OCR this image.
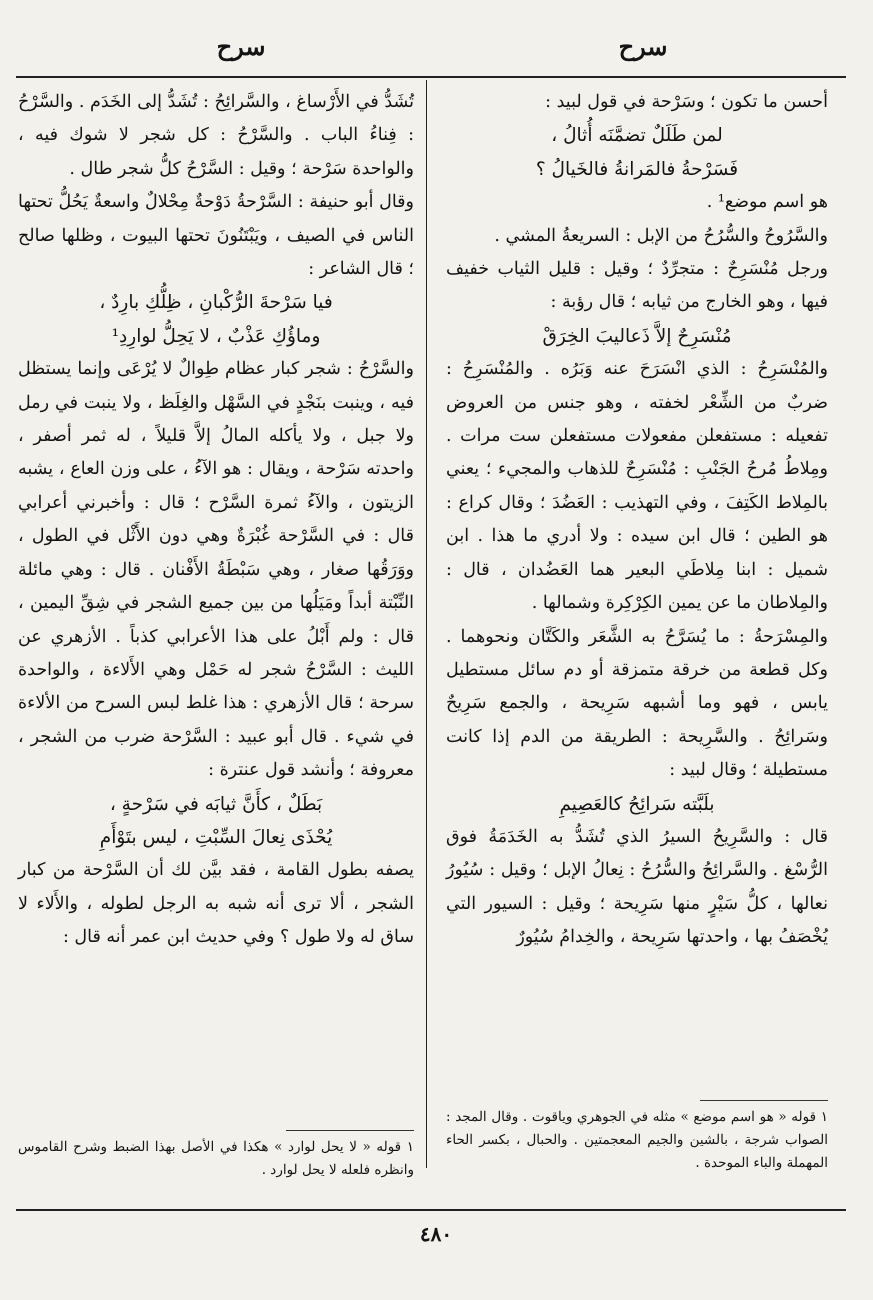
سرح
سرح

أحسن ما تكون ؛ وسَرْحة في قول لبيد :

لمن طَلَلٌ تضمَّنَه أُثالُ ،

فَسَرْحةُ فالمَرانةُ فالخَيالُ ؟

هو اسم موضع¹ .

والسَّرُوحُ والسُّرُحُ من الإبل : السريعةُ المشي .

ورجل مُنْسَرِحٌ : متجرِّدٌ ؛ وقيل : قليل الثياب خفيف فيها ، وهو الخارج من ثيابه ؛ قال رؤبة :

مُنْسَرِحٌ إلاَّ ذَعاليبَ الخِرَقْ

والمُنْسَرِحُ : الذي انْسَرَحَ عنه وَبَرُه . والمُنْسَرِحُ : ضربٌ من الشِّعْر لخفته ، وهو جنس من العروض تفعيله : مستفعلن مفعولات مستفعلن ست مرات . ومِلاطُ مُرحُ الجَنْبِ : مُنْسَرِحٌ للذهاب والمجيء ؛ يعني بالمِلاط الكَتِفَ ، وفي التهذيب : العَضُدَ ؛ وقال كراع : هو الطين ؛ قال ابن سيده : ولا أدري ما هذا . ابن شميل : ابنا مِلاطَي البعير هما العَضُدان ، قال : والمِلاطان ما عن يمين الكِرْكِرة وشمالها .

والمِسْرَحةُ : ما يُسَرَّحُ به الشَّعَر والكَتَّان ونحوهما . وكل قطعة من خرقة متمزقة أو دم سائل مستطيل يابس ، فهو وما أشبهه سَرِيحة ، والجمع سَرِيحٌ وسَرائِحُ . والسَّرِيحة : الطريقة من الدم إذا كانت مستطيلة ؛ وقال لبيد :

بلَبَّته سَرائِحُ كالعَصِيمِ

قال : والسَّرِيحُ السيرُ الذي تُشَدُّ به الخَدَمَةُ فوق الرُّسْغ . والسَّرائِحُ والسُّرُحُ : نِعالُ الإبل ؛ وقيل : سُيُورُ نعالها ، كلُّ سَيْرٍ منها سَرِيحة ؛ وقيل : السيور التي يُخْصَفُ بها ، واحدتها سَرِيحة ، والخِدامُ سُيُورٌ

تُشَدُّ في الأَرْساغ ، والسَّرائِحُ : تُشَدُّ إلى الخَدَم . والسَّرْحُ : فِناءُ الباب . والسَّرْحُ : كل شجر لا شوك فيه ، والواحدة سَرْحة ؛ وقيل : السَّرْحُ كلُّ شجر طال .

وقال أبو حنيفة : السَّرْحةُ دَوْحةٌ مِحْلالٌ واسعةٌ يَحُلُّ تحتها الناس في الصيف ، ويَبْتَنُونَ تحتها البيوت ، وظلها صالح ؛ قال الشاعر :

فيا سَرْحةَ الرُّكْبانِ ، ظِلُّكِ بارِدٌ ،

وماؤُكِ عَذْبٌ ، لا يَحِلُّ لوارِدِ¹

والسَّرْحُ : شجر كبار عظام طِوالٌ لا يُرْعَى وإنما يستظل فيه ، وينبت بنَجْدٍ في السَّهْل والغِلَظ ، ولا ينبت في رمل ولا جبل ، ولا يأكله المالُ إلاَّ قليلاً ، له ثمر أصفر ، واحدته سَرْحة ، ويقال : هو الآءُ ، على وزن العاع ، يشبه الزيتون ، والآءُ ثمرة السَّرْح ؛ قال : وأخبرني أعرابي قال : في السَّرْحة غُبْرَةٌ وهي دون الأَثْل في الطول ، ووَرَقُها صغار ، وهي سَبْطَةُ الأَفْنان . قال : وهي مائلة النِّبْتة أبداً ومَيَلُها من بين جميع الشجر في شِقِّ اليمين ، قال : ولم أَبْلُ على هذا الأعرابي كذباً . الأزهري عن الليث : السَّرْحُ شجر له حَمْل وهي الأَلاءة ، والواحدة سرحة ؛ قال الأزهري : هذا غلط لبس السرح من الألاءة في شيء . قال أبو عبيد : السَّرْحة ضرب من الشجر ، معروفة ؛ وأنشد قول عنترة :

بَطَلٌ ، كأَنَّ ثيابَه في سَرْحةٍ ،

يُحْذَى نِعالَ السِّبْتِ ، ليس بتَوْأَمِ

يصفه بطول القامة ، فقد بيَّن لك أن السَّرْحة من كبار الشجر ، ألا ترى أنه شبه به الرجل لطوله ، والأَلاء لا ساق له ولا طول ؟ وفي حديث ابن عمر أنه قال :

١ قوله « هو اسم موضع » مثله في الجوهري وياقوت . وقال المجد : الصواب شرجة ، بالشين والجيم المعجمتين . والحبال ، بكسر الحاء المهملة والباء الموحدة .
١ قوله « لا يحل لوارد » هكذا في الأصل بهذا الضبط وشرح القاموس وانظره فلعله لا يحل لوارد .
٤٨٠
